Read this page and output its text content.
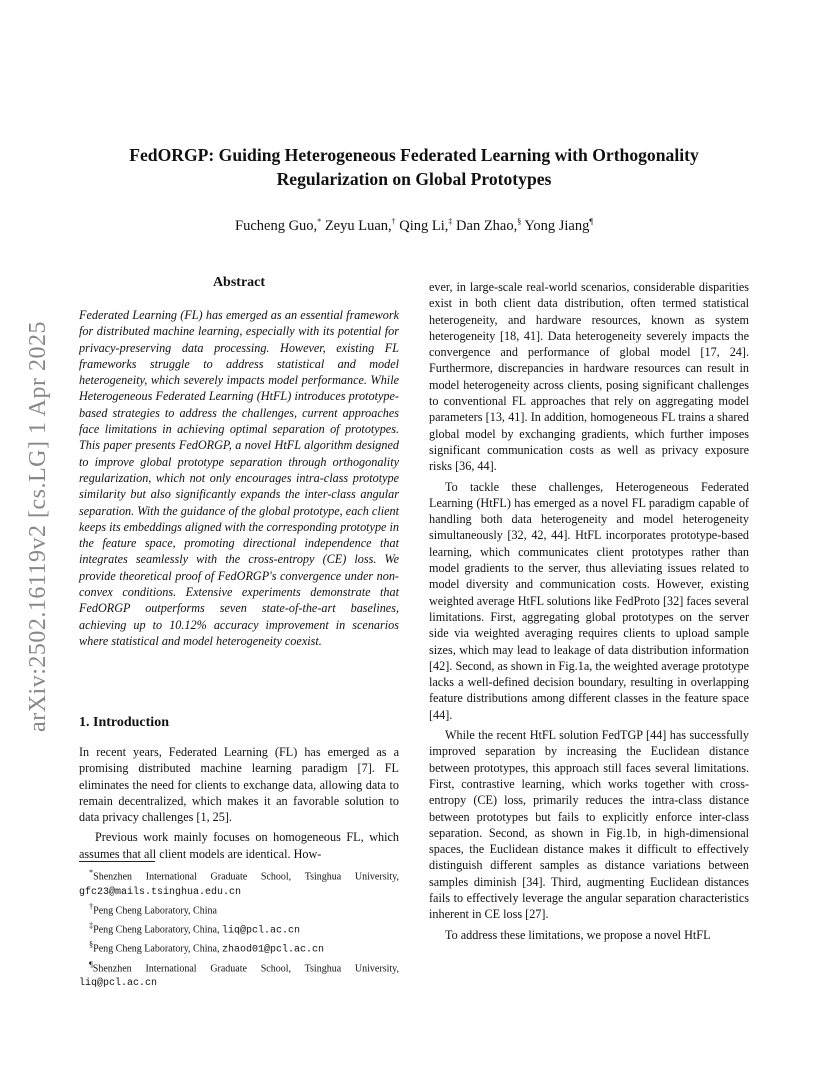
arXiv:2502.16119v2 [cs.LG] 1 Apr 2025
FedORGP: Guiding Heterogeneous Federated Learning with Orthogonality
Regularization on Global Prototypes
Fucheng Guo,* Zeyu Luan,† Qing Li,‡ Dan Zhao,§ Yong Jiang¶
Abstract

Federated Learning (FL) has emerged as an essential framework for distributed machine learning, especially with its potential for privacy-preserving data processing. However, existing FL frameworks struggle to address statistical and model heterogeneity, which severely impacts model performance. While Heterogeneous Federated Learning (HtFL) introduces prototype-based strategies to address the challenges, current approaches face limitations in achieving optimal separation of prototypes. This paper presents FedORGP, a novel HtFL algorithm designed to improve global prototype separation through orthogonality regularization, which not only encourages intra-class prototype similarity but also significantly expands the inter-class angular separation. With the guidance of the global prototype, each client keeps its embeddings aligned with the corresponding prototype in the feature space, promoting directional independence that integrates seamlessly with the cross-entropy (CE) loss. We provide theoretical proof of FedORGP's convergence under non-convex conditions. Extensive experiments demonstrate that FedORGP outperforms seven state-of-the-art baselines, achieving up to 10.12% accuracy improvement in scenarios where statistical and model heterogeneity coexist.

1. Introduction

In recent years, Federated Learning (FL) has emerged as a promising distributed machine learning paradigm [7]. FL eliminates the need for clients to exchange data, allowing data to remain decentralized, which makes it an favorable solution to data privacy challenges [1, 25].

Previous work mainly focuses on homogeneous FL, which assumes that all client models are identical. How-

*Shenzhen International Graduate School, Tsinghua University, gfc23@mails.tsinghua.edu.cn

†Peng Cheng Laboratory, China

‡Peng Cheng Laboratory, China, liq@pcl.ac.cn

§Peng Cheng Laboratory, China, zhaod01@pcl.ac.cn

¶Shenzhen International Graduate School, Tsinghua University, liq@pcl.ac.cn

ever, in large-scale real-world scenarios, considerable disparities exist in both client data distribution, often termed statistical heterogeneity, and hardware resources, known as system heterogeneity [18, 41]. Data heterogeneity severely impacts the convergence and performance of global model [17, 24]. Furthermore, discrepancies in hardware resources can result in model heterogeneity across clients, posing significant challenges to conventional FL approaches that rely on aggregating model parameters [13, 41]. In addition, homogeneous FL trains a shared global model by exchanging gradients, which further imposes significant communication costs as well as privacy exposure risks [36, 44].

To tackle these challenges, Heterogeneous Federated Learning (HtFL) has emerged as a novel FL paradigm capable of handling both data heterogeneity and model heterogeneity simultaneously [32, 42, 44]. HtFL incorporates prototype-based learning, which communicates client prototypes rather than model gradients to the server, thus alleviating issues related to model diversity and communication costs. However, existing weighted average HtFL solutions like FedProto [32] faces several limitations. First, aggregating global prototypes on the server side via weighted averaging requires clients to upload sample sizes, which may lead to leakage of data distribution information [42]. Second, as shown in Fig.1a, the weighted average prototype lacks a well-defined decision boundary, resulting in overlapping feature distributions among different classes in the feature space [44].

While the recent HtFL solution FedTGP [44] has successfully improved separation by increasing the Euclidean distance between prototypes, this approach still faces several limitations. First, contrastive learning, which works together with cross-entropy (CE) loss, primarily reduces the intra-class distance between prototypes but fails to explicitly enforce inter-class separation. Second, as shown in Fig.1b, in high-dimensional spaces, the Euclidean distance makes it difficult to effectively distinguish different samples as distance variations between samples diminish [34]. Third, augmenting Euclidean distances fails to effectively leverage the angular separation characteristics inherent in CE loss [27].

To address these limitations, we propose a novel HtFL
